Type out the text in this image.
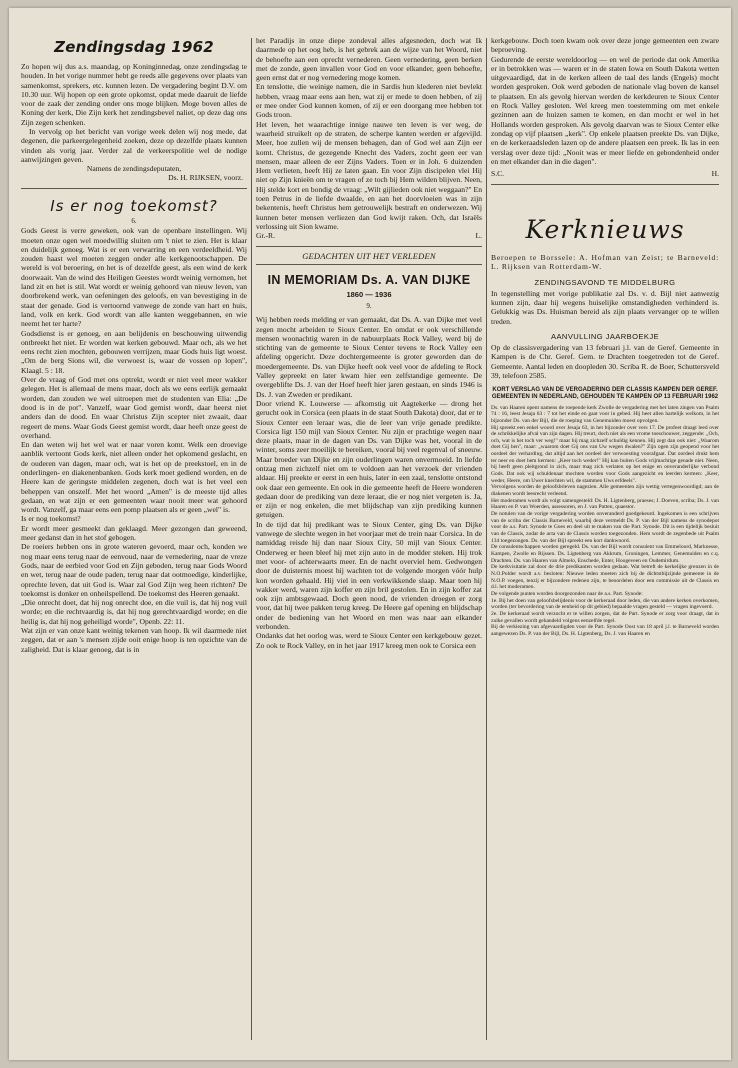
Zendingsdag 1962

Zo hopen wij dus a.s. maandag, op Koninginnedag, onze zendingsdag te houden. In het vorige nummer hebt ge reeds alle gegevens over plaats van samenkomst, sprekers, etc. kunnen lezen. De vergadering begint D.V. om 10.30 uur. Wij hopen op een grote opkomst, opdat mede daaruit de liefde voor de zaak der zending onder ons moge blijken. Moge boven alles de Koning der kerk, Die Zijn kerk het zendingsbevel naliet, op deze dag ons Zijn zegen schenken.

In vervolg op het bericht van vorige week delen wij nog mede, dat degenen, die parkeergelegenheid zoeken, deze op dezelfde plaats kunnen vinden als vorig jaar. Verder zal de verkeerspolitie wel de nodige aanwijzingen geven.

Namens de zendingsdeputaten,
Ds. H. RIJKSEN, voorz.
Is er nog toekomst?
6.
Gods Geest is verre geweken, ook van de openbare instellingen. Wij moeten onze ogen wel moedwillig sluiten om 't niet te zien. Het is klaar en duidelijk genoeg. Wat is er een verwarring en een verdeeldheid. Wij zouden haast wel moeten zeggen onder alle kerkgenootschappen. De wereld is vol beroering, en het is of dezelfde geest, als een wind de kerk doorwaait. Van de wind des Heiligen Geestes wordt weinig vernomen, het land zit en het is stil. Wat wordt er weinig gehoord van nieuw leven, van doorbrekend werk, van oefeningen des geloofs, en van bevestiging in de staat der genade. God is vertoornd vanwege de zonde van hart en huis, land, volk en kerk. God wordt van alle kanten weggebannen, en wie neemt het ter harte?
Godsdienst is er genoeg, en aan belijdenis en beschouwing uitwendig ontbreekt het niet. Er worden wat kerken gebouwd. Maar och, als we het eens recht zien mochten, gebouwen verrijzen, maar Gods huis ligt woest. „Om de berg Sions wil, die verwoest is, waar de vossen op lopen", Klaagl. 5 : 18.
Over de vraag of God met ons optrekt, wordt er niet veel meer wakker gelegen. Het is allemaal de mens maar, doch als we eens eerlijk gemaakt worden, dan zouden we wel uitroepen met de studenten van Elia: „De dood is in de pot". Vanzelf, waar God gemist wordt, daar heerst niet anders dan de dood. En waar Christus Zijn scepter niet zwaait, daar regeert de mens. Waar Gods Geest gemist wordt, daar heeft onze geest de overhand.
En dan weten wij het wel wat er naar voren komt. Welk een droevige aanblik vertoont Gods kerk, niet alleen onder het opkomend geslacht, en de ouderen van dagen, maar och, wat is het op de preekstoel, en in de onderlingen- en diakenenbanken. Gods kerk moet gediend worden, en de Heere kan de geringste middelen zegenen, doch wat is het veel een beheppen van onszelf. Met het woord „Amen" is de meeste tijd alles gedaan, en wat zijn er een gemeenten waar nooit meer wat gehoord wordt. Vanzelf, ga maar eens een pomp plaatsen als er geen „wel" is.
Is er nog toekomst?
Er wordt meer gesmeekt dan geklaagd. Meer gezongen dan geweend, meer gedanst dan in het stof gebogen.
De roeiers hebben ons in grote wateren gevoerd, maar och, konden we nog maar eens terug naar de eenvoud, naar de vernedering, naar de vreze Gods, naar de eerbied voor God en Zijn geboden, terug naar Gods Woord en wet, terug naar de oude paden, terug naar dat ootmoedige, kinderlijke, oprechte leven, dat uit God is. Waar zal God Zijn weg heen richten? De toekomst is donker en onheilspellend. De toekomst des Heeren genaakt.
„Die onrecht doet, dat hij nog onrecht doe, en die vuil is, dat hij nog vuil worde; en die rechtvaardig is, dat hij nog gerechtvaardigd worde; en die heilig is, dat hij nog geheiligd worde", Openb. 22: 11.
Wat zijn er van onze kant weinig tekenen van hoop. Ik wil daarmede niet zeggen, dat er aan 's mensen zijde ooit enige hoop is ten opzichte van de zaligheid. Dat is klaar genoeg, dat is in
het Paradijs in onze diepe zondeval alles afgesneden, doch wat Ik daarmede op het oog heb, is het gebrek aan de wijze van het Woord, niet de behoefte aan een oprecht vernederen. Geen vernedering, geen berken met de zonde, geen invallen voor God en voor elkander, geen behoefte, geen ernst dat er nog vernedering moge komen.
En tenslotte, die weinige namen, die in Sardis hun klederen niet bevlekt hebben, vraag maar eens aan hen, wat zij er mede te doen hebben, of zij er mee onder God kunnen komen, of zij er een doorgang mee hebben tot Gods troon.
Het leven, het waarachtige innige nauwe ten leven is ver weg, de waarheid struikelt op de straten, de scherpe kanten werden er afgevijld. Meer, hoe zullen wij de mensen behagen, dan of God wel aan Zijn eer komt. Christus, de gezegende Knecht des Vaders, zocht geen eer van mensen, maar alleen de eer Zijns Vaders. Toen er in Joh. 6 duizenden Hem verlieten, heeft Hij ze laten gaan. En voor Zijn discipelen vlei Hij niet op Zijn knieën om te vragen of ze toch bij Hem wilden blijven. Neen, Hij stelde kort en bondig de vraag: „Wilt gijlieden ook niet weggaan?" En toen Petrus in de liefde dwaalde, en aan het doorvloeien was in zijn bekentenis, heeft Christus hem getrouwelijk bestraft en onderwezen. Wij kunnen beter mensen verliezen dan God kwijt raken. Och, dat Israëls verlossing uit Sion kwame.
Gr.-R.	L.
GEDACHTEN UIT HET VERLEDEN
IN MEMORIAM Ds. A. VAN DIJKE
1860 — 1936
9.
Wij hebben reeds melding er van gemaakt, dat Ds. A. van Dijke met veel zegen mocht arbeiden te Sioux Center. En omdat er ook verschillende mensen woonachtig waren in de nabuurplaats Rock Valley, werd bij de stichting van de gemeente te Sioux Center tevens te Rock Valley een afdeling opgericht. Deze dochtergemeente is groter geworden dan de moedergemeente. Ds. van Dijke heeft ook veel voor de afdeling te Rock Valley gepreekt en later kwam hier een zelfstandige gemeente. De overgeblifte Ds. J. van der Hoef heeft hier jaren gestaan, en sinds 1946 is Ds. J. van Zweden er predikant.
Door vriend K. Louwerse — afkomstig uit Aagtekerke — drong het gerucht ook in Corsica (een plaats in de staat South Dakota) door, dat er te Sioux Center een leraar was, die de leer van vrije genade predikte. Corsica ligt 150 mijl van Sioux Center. Nu zijn er prachtige wegen naar deze plaats, maar in de dagen van Ds. van Dijke was het, vooral in de winter, soms zeer moeilijk te bereiken, vooral bij veel regenval of sneeuw. Maar broeder van Dijke en zijn ouderlingen waren onvermoeid. In liefde ontzag men zichzelf niet om te voldoen aan het verzoek der vrienden aldaar. Hij preekte er eerst in een huis, later in een zaal, tenslotte ontstond ook daar een gemeente. En ook in die gemeente heeft de Heere wonderen gedaan door de prediking van deze leraar, die er nog niet vergeten is. Ja, er zijn er nog enkelen, die met blijdschap van zijn prediking kunnen getuigen.
In de tijd dat hij predikant was te Sioux Center, ging Ds. van Dijke vanwege de slechte wegen in het voorjaar met de trein naar Corsica. In de namiddag reisde hij dan naar Sioux City, 50 mijl van Sioux Center. Onderweg er heen bleef hij met zijn auto in de modder steken. Hij trok met voor- of achterwaarts meer. En de nacht overviel hem. Gedwongen door de duisternis moest hij wachten tot de volgende morgen vóór hulp kon worden gehaald. Hij viel in een verkwikkende slaap. Maar toen hij wakker werd, waren zijn koffer en zijn bril gestolen. En in zijn koffer zat ook zijn ambtsgewaad. Doch geen nood, de vrienden droegen er zorg voor, dat hij twee pakken terug kreeg. De Heere gaf opening en blijdschap onder de bediening van het Woord en men was naar aan elkander verbonden.
Ondanks dat het oorlog was, werd te Sioux Center een kerkgebouw gezet. Zo ook te Rock Valley, en in het jaar 1917 kreeg men ook te Corsica een
kerkgebouw. Doch toen kwam ook over deze jonge gemeenten een zware beproeving.
Gedurende de eerste wereldoorlog — en wel de periode dat ook Amerika er in betrokken was — waren er in de staten Iowa en South Dakota wetten uitgevaardigd, dat in de kerken alleen de taal des lands (Engels) mocht worden gesproken. Ook werd geboden de nationale vlag boven de kansel te plaatsen. En als gevolg hiervan werden de kerkdeuren te Sioux Center en Rock Valley gesloten. Wel kreeg men toestemming om met enkele gezinnen aan de huizen samen te komen, en dan mocht er wel in het Hollands worden gesproken. Als gevolg daarvan was te Sioux Center elke zondag op vijf plaatsen „kerk". Op enkele plaatsen preekte Ds. van Dijke, en de kerkeraadsleden lazen op de andere plaatsen een preek. Ik las in een verslag over deze tijd: „Nooit was er meer liefde en gebondenheid onder en met elkander dan in die dagen".
S.C.	H.
Kerknieuws

Beroepen te Borssele: A. Hofman van Zeist; te Barneveld: L. Rijksen van Rotterdam-W.

ZENDINGSAVOND TE MIDDELBURG

In tegenstelling met vorige publikatie zal Ds. v. d. Bijl niet aanwezig kunnen zijn, daar hij wegens huiselijke omstandigheden verhinderd is. Gelukkig was Ds. Huisman bereid als zijn plaats vervanger op te willen treden.

AANVULLING JAARBOEKJE

Op de classisvergadering van 13 februari j.l. van de Geref. Gemeente in Kampen is de Chr. Geref. Gem. te Drachten toegetreden tot de Geref. Gemeente. Aantal leden en doopleden 30. Scriba R. de Boer, Schuttersveld 39, telefoon 2585.

KORT VERSLAG VAN DE VERGADERING DER CLASSIS KAMPEN DER GEREF. GEMEENTEN IN NEDERLAND, GEHOUDEN TE KAMPEN OP 13 FEBRUARI 1962
Ds. van Haaren opent namens de roepende kerk Zwolle de vergadering met het laten zingen van Psalm 74 : 16, leest Jesaja 63 : 7 tot het einde en gaat voor in gebed. Hij heet allen hartelijk welkom, in het bijzonder Ds. van der Bijl, die de roeping van Genemuiden moest opvolgen.
Hij spreekt een enkel woord over Jesaja 63, in het bijzonder over vers 17. De profeet draagt leed over de schrikkelijke afval van zijn dagen. Hij treurt, doch niet als een vrome toeschouwer, zeggende: „Och, och, wat is het toch ver weg!" maar hij mag zichzelf schuldig kennen. Hij zegt dan ook niet: „Waarom doet Gij hen", maar: „waarom doet Gij ons van Uw wegen dwalen?" Zijn ogen zijn geopend voor het oordeel der verharding, dat altijd aan het oordeel der verwoesting voorafgaat. Dat oordeel drukt hem ter neer en doet hem kermen: „Keer toch weder!" Hij kan buiten Gods vrijmachtige genade niet. Neen, hij heeft geen pleitgrond in zich, maar mag zich verlaten op het enige en onveranderlijke verbond Gods. Dat ook wij schuldenaar mochten worden voor Gods aangezicht en leerden kermen: „Keer, weder, Heere, om Uwer knechten wil, de stammen Uws erfdeels".
Vervolgens worden de geloofsbrieven nagezien. Alle gemeenten zijn wettig vertegenwoordigd; aan de diakenen wordt leesrecht verleend.
Het moderamen wordt als volgt samengesteld: Ds. H. Ligtenberg, praeses; J. Doeven, scriba; Ds. J. van Haaren en P. van Woerden, assessoren, en J. van Putten, quaestor.
De notulen van de vorige vergadering worden onveranderd goedgekeurd. Ingekomen is een schrijven van de scriba der Classis Barneveld, waarbij deze vermeldt Ds. P. van der Bijl namens de synodepot voor de a.s. Part. Synode te Goes en deel uit te maken van die Part. Synode. Dit is een tijdelijk besluit van de Classis, zodat de acta van de Classis worden toegezonden. Hem wordt de zegenbede uit Psalm 134 toegezongen. Ds. van der Bijl spreekt een kort dankwoord.
De consulentschappen worden geregeld. Ds. van der Bijl wordt consulent van Emmeloord, Marknesse, Kampen, Zwolle en Rijssen. Ds. Ligtenberg van Akkrum, Groningen, Lemmer, Genemuiden en c.q. Drachten. Ds. van Haaren van Almelo, Enschede, Enter, Hoogeveen en Oudemirdum.
De kerkvisitatie zal door de drie predikanten worden gedaan. Wat betreft de kerkelijke grenzen in de N.O.Polder wordt a.v. besloten: Nieuwe leden moeten zich bij de dichtstbijzijnde gemeente in de N.O.P. voegen, tenzij er bijzondere redenen zijn, te beoordelen door een commissie uit de Classis en d.l. het moderamen.
De volgende punten worden doorgezonden naar de a.s. Part. Synode:
1e. Bij het doen van geloofsbelijdenis voor de kerkeraad door leden, die van andere kerken overkomen, worden (ter bevordering van de eenheid op dit gebied) bepaalde vragen gesteld — vragen ingevoerd.
2e. De kerkeraad wordt verzocht er te willen zorgen, dat de Part. Synode er zorg voor draagt, dat in zulke gevallen wordt gehandeld volgens eenzelfde regel.
Bij de verkiezing van afgevaardigden voor de Part. Synode Oost van 18 april j.l. te Barneveld worden aangewezen Ds. P. van der Bijl, Ds. H. Ligtenberg, Ds. J. van Haaren en
